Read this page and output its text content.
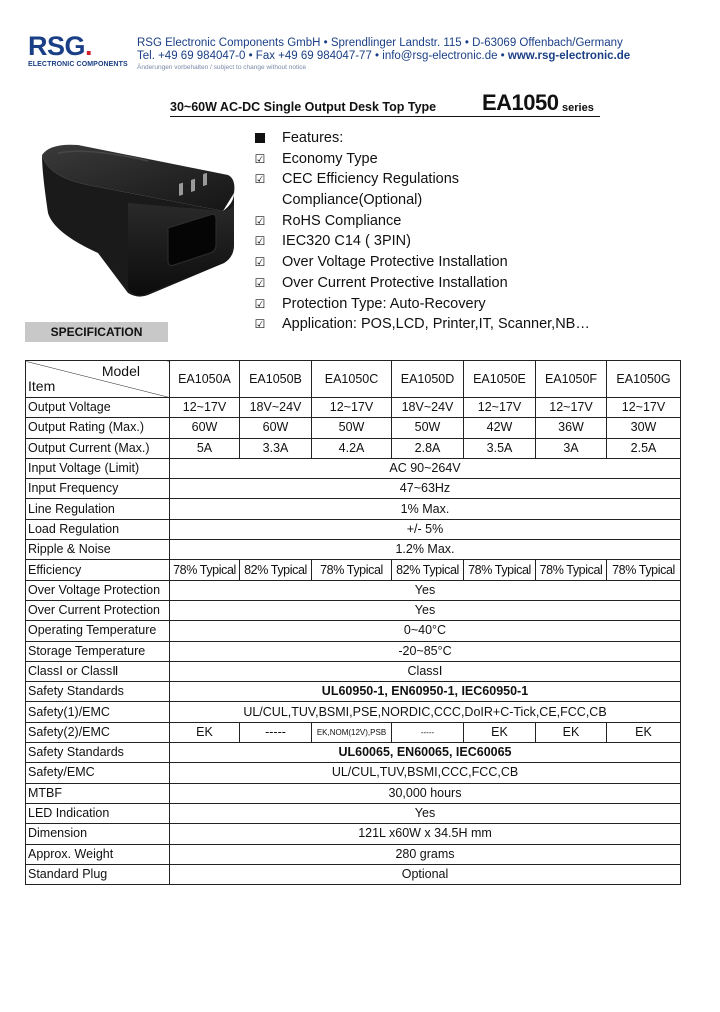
RSG.
ELECTRONIC COMPONENTS
RSG Electronic Components GmbH • Sprendlinger Landstr. 115 • D-63069 Offenbach/Germany
Tel. +49 69 984047-0 • Fax +49 69 984047-77 • info@rsg-electronic.de • www.rsg-electronic.de
Änderungen vorbehalten / subject to change without notice
30~60W AC-DC Single Output Desk Top Type EA1050 series
Features:
☑ Economy Type
☑ CEC Efficiency Regulations
Compliance(Optional)
☑ RoHS Compliance
☑ IEC320 C14 ( 3PIN)
☑ Over Voltage Protective Installation
☑ Over Current Protective Installation
☑ Protection Type: Auto-Recovery
☑ Application: POS,LCD, Printer,IT, Scanner,NB…
SPECIFICATION
Model
Item	EA1050A	EA1050B	EA1050C	EA1050D	EA1050E	EA1050F	EA1050G
Output Voltage	12~17V	18V~24V	12~17V	18V~24V	12~17V	12~17V	12~17V
Output Rating (Max.)	60W	60W	50W	50W	42W	36W	30W
Output Current (Max.)	5A	3.3A	4.2A	2.8A	3.5A	3A	2.5A
Input Voltage (Limit)	AC 90~264V						
Input Frequency	47~63Hz						
Line Regulation	1% Max.						
Load Regulation	+/- 5%						
Ripple & Noise	1.2% Max.						
Efficiency	78% Typical	82% Typical	78% Typical	82% Typical	78% Typical	78% Typical	78% Typical
Over Voltage Protection	Yes						
Over Current Protection	Yes						
Operating Temperature	0~40°C						
Storage Temperature	-20~85°C						
ClassⅠ or ClassⅡ	ClassⅠ						
Safety Standards	UL60950-1, EN60950-1, IEC60950-1						
Safety(1)/EMC	UL/CUL,TUV,BSMI,PSE,NORDIC,CCC,DoIR+C-Tick,CE,FCC,CB						
Safety(2)/EMC	EK	-----	EK,NOM(12V),PSB	-----	EK	EK	EK
Safety Standards	UL60065, EN60065, IEC60065						
Safety/EMC	UL/CUL,TUV,BSMI,CCC,FCC,CB						
MTBF	30,000 hours						
LED Indication	Yes						
Dimension	121L x60W x 34.5H mm						
Approx. Weight	280 grams						
Standard Plug	Optional						
